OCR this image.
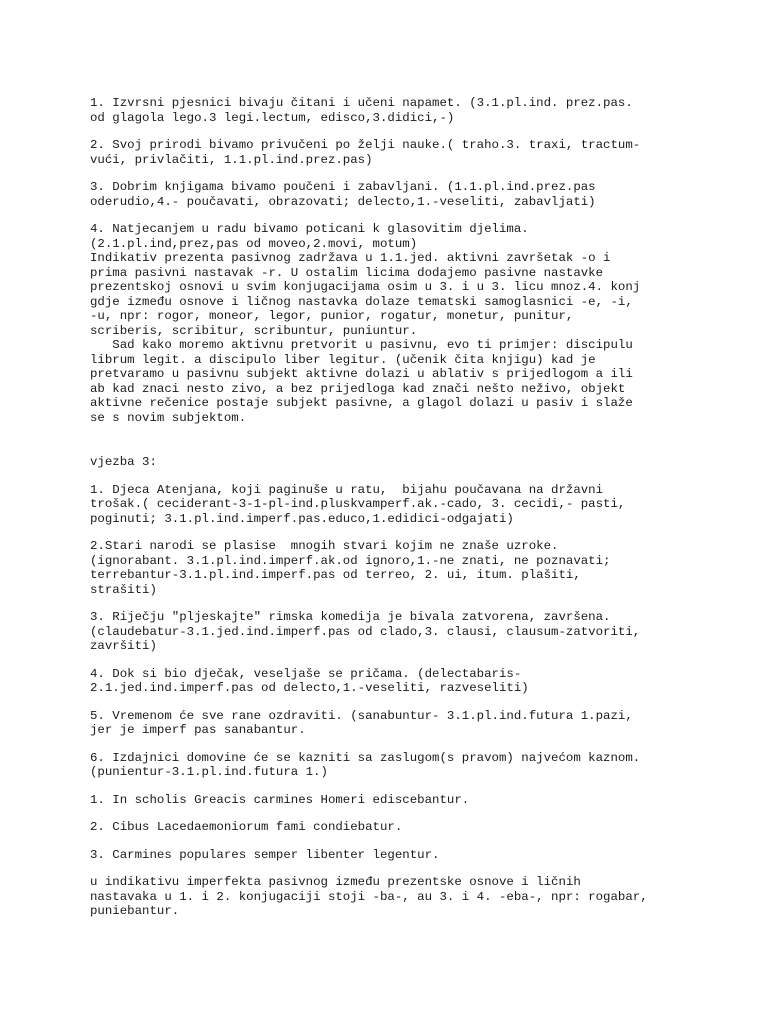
1. Izvrsni pjesnici bivaju čitani i učeni napamet. (3.1.pl.ind. prez.pas.
od glagola lego.3 legi.lectum, edisco,3.didici,-)

2. Svoj prirodi bivamo privučeni po želji nauke.( traho.3. traxi, tractum-
vući, privlačiti, 1.1.pl.ind.prez.pas)

3. Dobrim knjigama bivamo poučeni i zabavljani. (1.1.pl.ind.prez.pas
oderudio,4.- poučavati, obrazovati; delecto,1.-veseliti, zabavljati)

4. Natjecanjem u radu bivamo poticani k glasovitim djelima.
(2.1.pl.ind,prez,pas od moveo,2.movi, motum)
Indikativ prezenta pasivnog zadržava u 1.1.jed. aktivni završetak -o i
prima pasivni nastavak -r. U ostalim licima dodajemo pasivne nastavke
prezentskoj osnovi u svim konjugacijama osim u 3. i u 3. licu mnoz.4. konj
gdje između osnove i ličnog nastavka dolaze tematski samoglasnici -e, -i,
-u, npr: rogor, moneor, legor, punior, rogatur, monetur, punitur,
scriberis, scribitur, scribuntur, puniuntur.
Sad kako moremo aktivnu pretvorit u pasivnu, evo ti primjer: discipulu
librum legit. a discipulo liber legitur. (učenik čita knjigu) kad je
pretvaramo u pasivnu subjekt aktivne dolazi u ablativ s prijedlogom a ili
ab kad znaci nesto zivo, a bez prijedloga kad znači nešto neživo, objekt
aktivne rečenice postaje subjekt pasivne, a glagol dolazi u pasiv i slaže
se s novim subjektom.

vjezba 3:

1. Djeca Atenjana, koji paginuše u ratu,  bijahu poučavana na državni
trošak.( ceciderant-3-1-pl-ind.pluskvamperf.ak.-cado, 3. cecidi,- pasti,
poginuti; 3.1.pl.ind.imperf.pas.educo,1.edidici-odgajati)

2.Stari narodi se plasise  mnogih stvari kojim ne znaše uzroke.
(ignorabant. 3.1.pl.ind.imperf.ak.od ignoro,1.-ne znati, ne poznavati;
terrebantur-3.1.pl.ind.imperf.pas od terreo, 2. ui, itum. plašiti,
strašiti)

3. Riječju "pljeskajte" rimska komedija je bivala zatvorena, završena.
(claudebatur-3.1.jed.ind.imperf.pas od clado,3. clausi, clausum-zatvoriti,
završiti)

4. Dok si bio dječak, veseljaše se pričama. (delectabaris-
2.1.jed.ind.imperf.pas od delecto,1.-veseliti, razveseliti)

5. Vremenom će sve rane ozdraviti. (sanabuntur- 3.1.pl.ind.futura 1.pazi,
jer je imperf pas sanabantur.

6. Izdajnici domovine će se kazniti sa zaslugom(s pravom) najvećom kaznom.
(punientur-3.1.pl.ind.futura 1.)

1. In scholis Greacis carmines Homeri ediscebantur.

2. Cibus Lacedaemoniorum fami condiebatur.

3. Carmines populares semper libenter legentur.

u indikativu imperfekta pasivnog između prezentske osnove i ličnih
nastavaka u 1. i 2. konjugaciji stoji -ba-, au 3. i 4. -eba-, npr: rogabar,
puniebantur.
